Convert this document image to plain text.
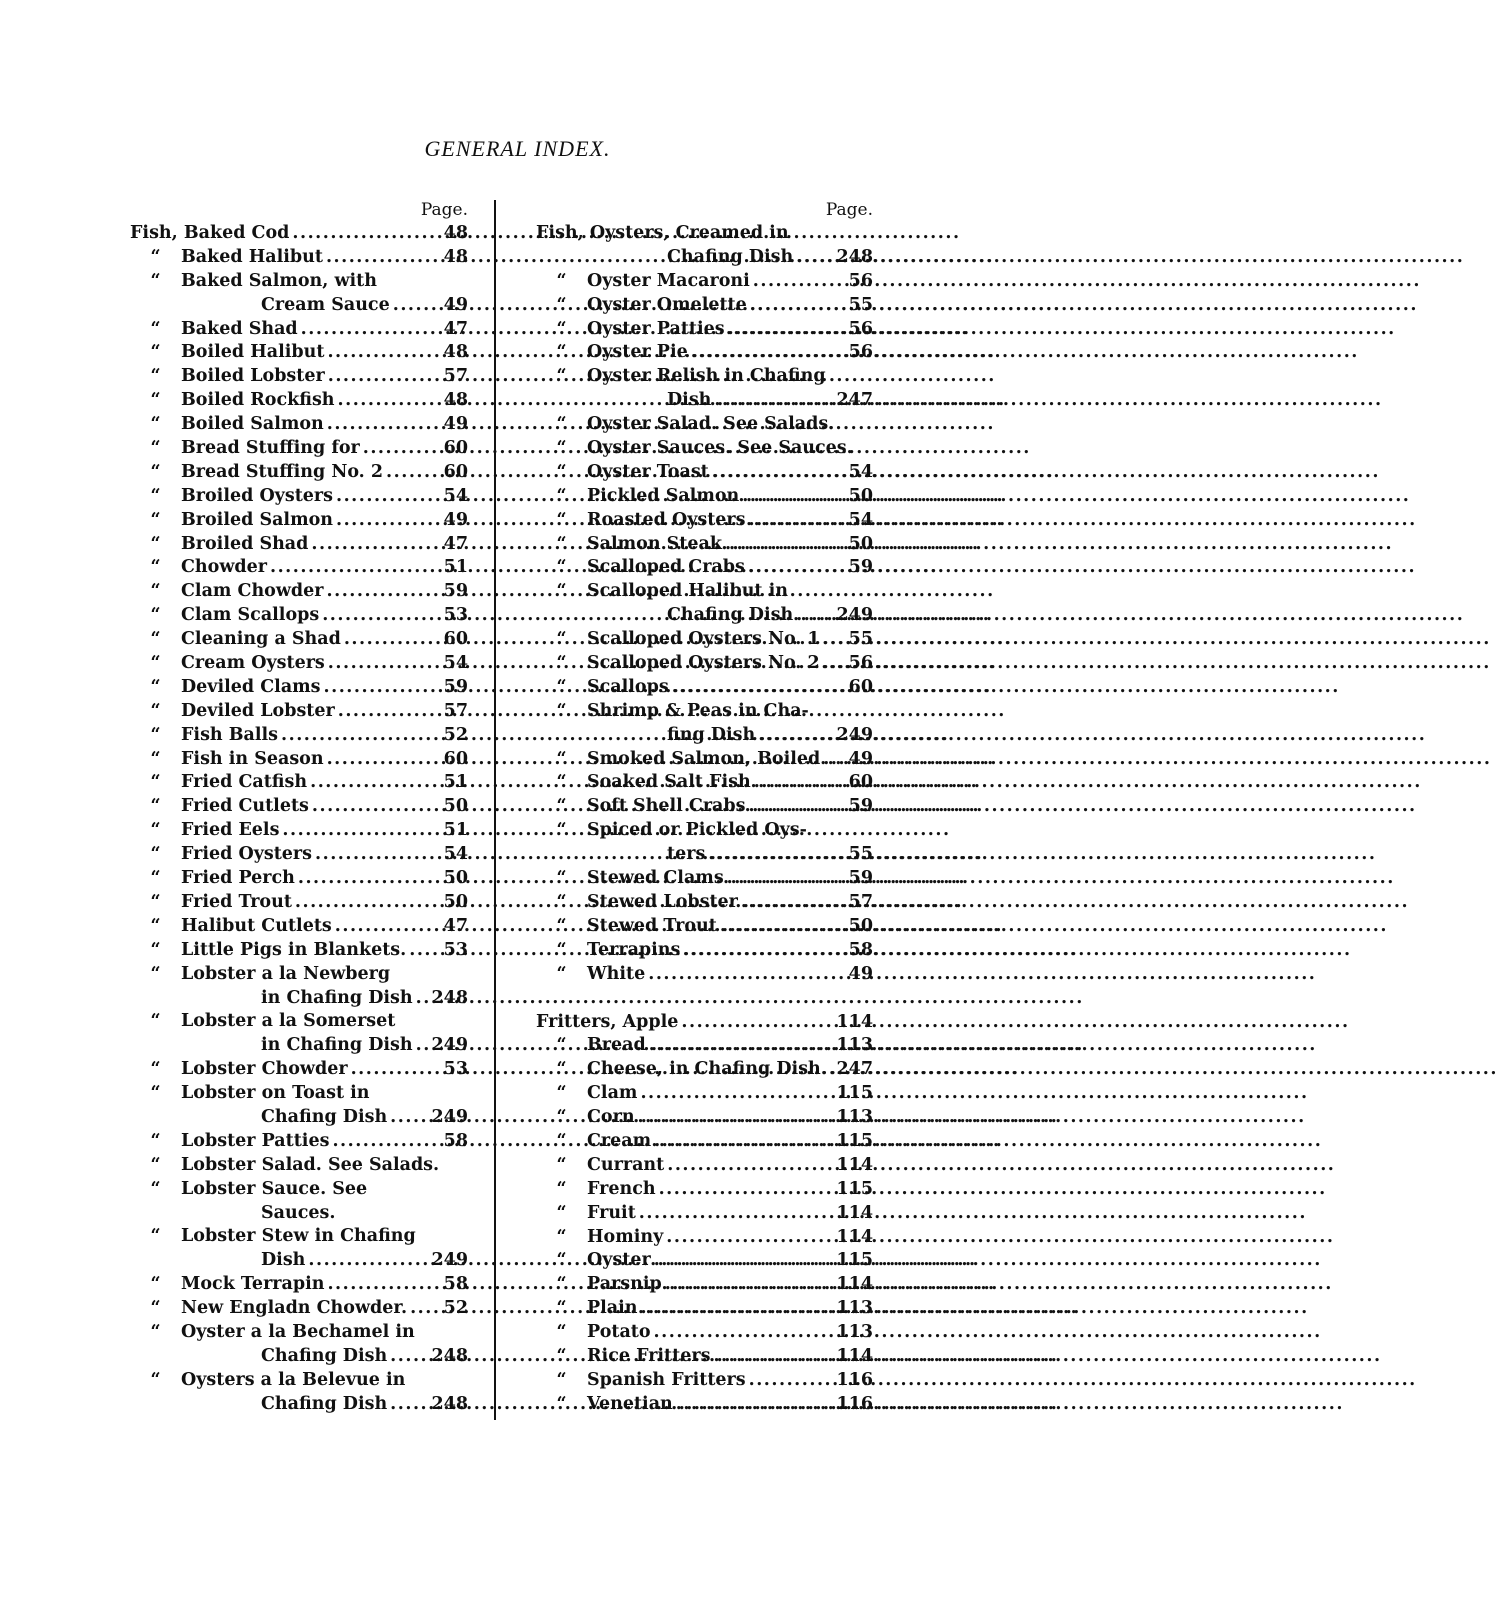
GENERAL INDEX.
Page.
Fish, Baked Cod .....	48
“	Baked Halibut .....	48
“	Baked Salmon, with
Cream Sauce .....	49
“	Baked Shad .....	47
“	Boiled Halibut .....	48
“	Boiled Lobster .....	57
“	Boiled Rockfish .....	48
“	Boiled Salmon .....	49
“	Bread Stuffing for .....	60
“	Bread Stuffing No. 2 .....	60
“	Broiled Oysters .....	54
“	Broiled Salmon .....	49
“	Broiled Shad .....	47
“	Chowder .....	51
“	Clam Chowder .....	59
“	Clam Scallops .....	53
“	Cleaning a Shad .....	60
“	Cream Oysters .....	54
“	Deviled Clams .....	59
“	Deviled Lobster .....	57
“	Fish Balls .....	52
“	Fish in Season .....	60
“	Fried Catfish .....	51
“	Fried Cutlets .....	50
“	Fried Eels .....	51
“	Fried Oysters .....	54
“	Fried Perch .....	50
“	Fried Trout .....	50
“	Halibut Cutlets .....	47
“	Little Pigs in Blankets. ..... 53
“	Lobster a la Newberg
in Chafing Dish ..... 248
“	Lobster a la Somerset
in Chafing Dish ..... 249
“	Lobster Chowder .....	53
“	Lobster on Toast in
Chafing Dish .....	249
“	Lobster Patties .....	58
“	Lobster Salad. See Salads.
“	Lobster Sauce. See
Sauces.
“	Lobster Stew in Chafing
Dish .....	249
“	Mock Terrapin .....	58
“	New Engladn Chowder. ..... 52
“	Oyster a la Bechamel in
Chafing Dish .....	248
“	Oysters a la Belevue in
Chafing Dish .....	248
Page.
Fish, Oysters, Creamed in
Chafing Dish ..... 248
“	Oyster Macaroni .....	56
“	Oyster Omelette .....	55
“	Oyster Patties .....	56
“	Oyster Pie .....	56
“	Oyster Relish in Chafing
Dish .....	247
“	Oyster Salad. See Salads.
“	Oyster Sauces. See Sauces.
“	Oyster Toast .....	54
“	Pickled Salmon .....	50
“	Roasted Oysters .....	54
“	Salmon Steak .....	50
“	Scalloped Crabs .....	59
“	Scalloped Halibut in
Chafing Dish ..... 249
“	Scalloped Oysters No. 1 ..... 55
“	Scalloped Oysters No. 2 ..... 56
“	Scallops .....	60
“	Shrimp & Peas in Cha-
fing Dish .....	249
“	Smoked Salmon, Boiled ..... 49
“	Soaked Salt Fish .....	60
“	Soft Shell Crabs .....	59
“	Spiced or Pickled Oys-
ters .....	55
“	Stewed Clams .....	59
“	Stewed Lobster .....	57
“	Stewed Trout .....	50
“	Terrapins .....	58
“	White .....	49
Fritters, Apple .....	114
“	Bread .....	113
“	Cheese, in Chafing Dish. ..... 247
“	Clam .....	115
“	Corn .....	113
“	Cream .....	115
“	Currant .....	114
“	French .....	115
“	Fruit .....	114
“	Hominy .....	114
“	Oyster .....	115
“	Parsnip .....	114
“	Plain .....	113
“	Potato .....	113
“	Rice Fritters .....	114
“	Spanish Fritters .....	116
“	Venetian .....	116
